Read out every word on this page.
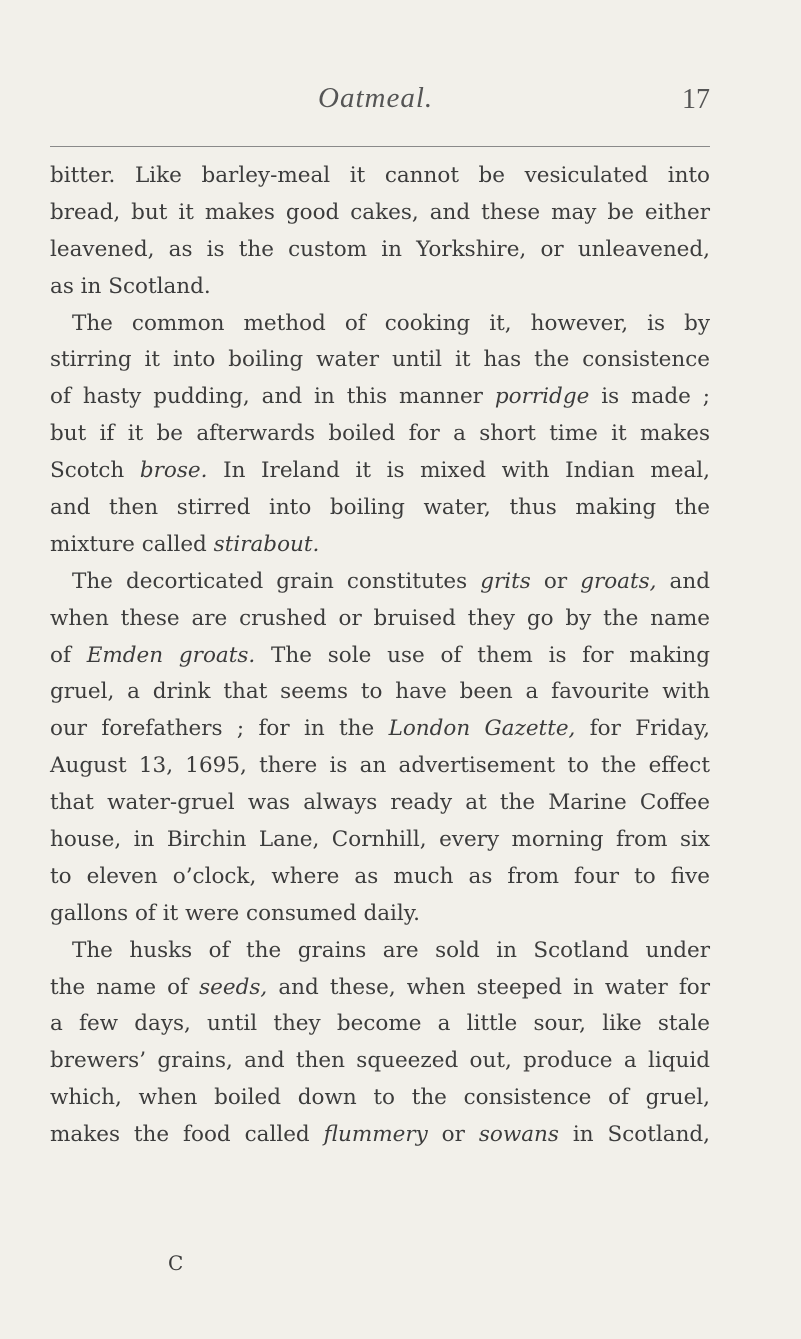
Oatmeal.	17
bitter. Like barley-meal it cannot be vesiculated into
bread, but it makes good cakes, and these may be either
leavened, as is the custom in Yorkshire, or unleavened,
as in Scotland.
The common method of cooking it, however, is by
stirring it into boiling water until it has the consistence
of hasty pudding, and in this manner porridge is made ;
but if it be afterwards boiled for a short time it makes
Scotch brose. In Ireland it is mixed with Indian meal,
and then stirred into boiling water, thus making the
mixture called stirabout.
The decorticated grain constitutes grits or groats, and
when these are crushed or bruised they go by the name
of Emden groats. The sole use of them is for making
gruel, a drink that seems to have been a favourite with
our forefathers ; for in the London Gazette, for Friday,
August 13, 1695, there is an advertisement to the effect
that water-gruel was always ready at the Marine Coffee
house, in Birchin Lane, Cornhill, every morning from six
to eleven o’clock, where as much as from four to five
gallons of it were consumed daily.
The husks of the grains are sold in Scotland under
the name of seeds, and these, when steeped in water for
a few days, until they become a little sour, like stale
brewers’ grains, and then squeezed out, produce a liquid
which, when boiled down to the consistence of gruel,
makes the food called flummery or sowans in Scotland,
C
